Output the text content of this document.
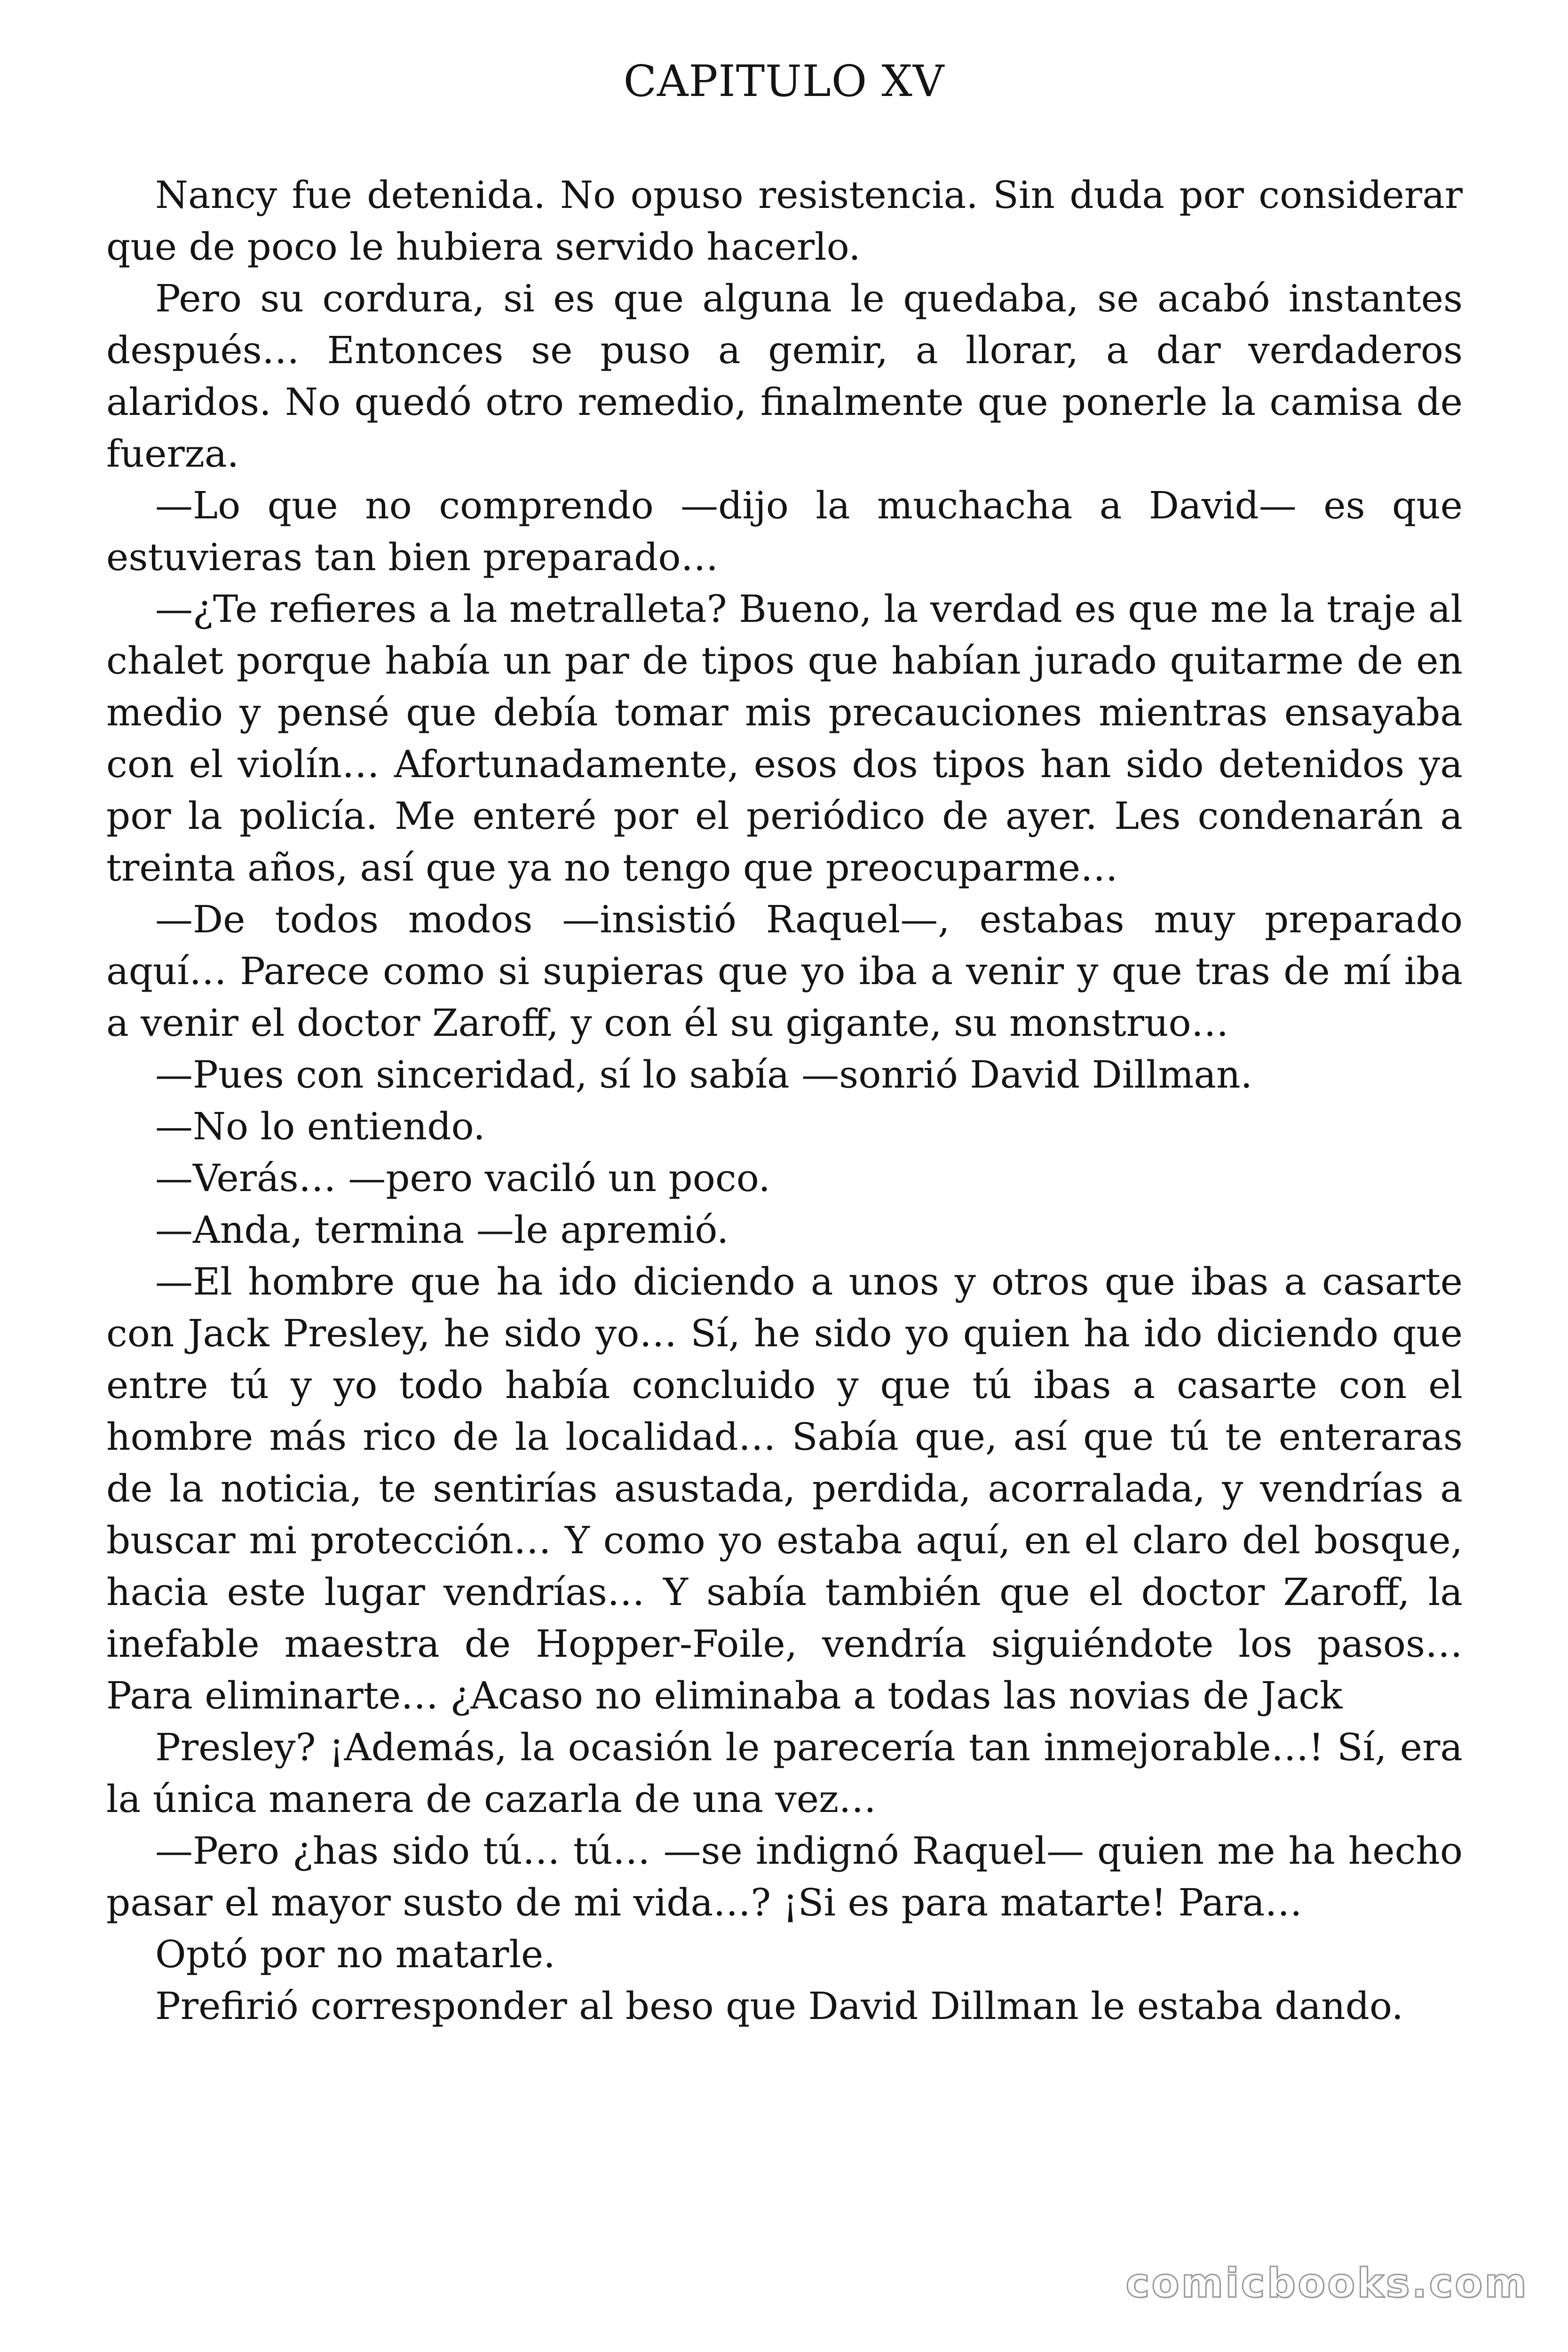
CAPITULO XV

Nancy fue detenida. No opuso resistencia. Sin duda por considerar que de poco le hubiera servido hacerlo.

Pero su cordura, si es que alguna le quedaba, se acabó instantes después… Entonces se puso a gemir, a llorar, a dar verdaderos alaridos. No quedó otro remedio, finalmente que ponerle la camisa de fuerza.

—Lo que no comprendo —dijo la muchacha a David— es que estuvieras tan bien preparado…

—¿Te refieres a la metralleta? Bueno, la verdad es que me la traje al chalet porque había un par de tipos que habían jurado quitarme de en medio y pensé que debía tomar mis precauciones mientras ensayaba con el violín… Afortunadamente, esos dos tipos han sido detenidos ya por la policía. Me enteré por el periódico de ayer. Les condenarán a treinta años, así que ya no tengo que preocuparme…

—De todos modos —insistió Raquel—, estabas muy preparado aquí… Parece como si supieras que yo iba a venir y que tras de mí iba a venir el doctor Zaroff, y con él su gigante, su monstruo…

—Pues con sinceridad, sí lo sabía —sonrió David Dillman.

—No lo entiendo.

—Verás… —pero vaciló un poco.

—Anda, termina —le apremió.

—El hombre que ha ido diciendo a unos y otros que ibas a casarte con Jack Presley, he sido yo… Sí, he sido yo quien ha ido diciendo que entre tú y yo todo había concluido y que tú ibas a casarte con el hombre más rico de la localidad… Sabía que, así que tú te enteraras de la noticia, te sentirías asustada, perdida, acorralada, y vendrías a buscar mi protección… Y como yo estaba aquí, en el claro del bosque, hacia este lugar vendrías… Y sabía también que el doctor Zaroff, la inefable maestra de Hopper-Foile, vendría siguiéndote los pasos… Para eliminarte… ¿Acaso no eliminaba a todas las novias de Jack

Presley? ¡Además, la ocasión le parecería tan inmejorable…! Sí, era la única manera de cazarla de una vez…

—Pero ¿has sido tú… tú… —se indignó Raquel— quien me ha hecho pasar el mayor susto de mi vida…? ¡Si es para matarte! Para…

Optó por no matarle.

Prefirió corresponder al beso que David Dillman le estaba dando.

comicbooks.com
